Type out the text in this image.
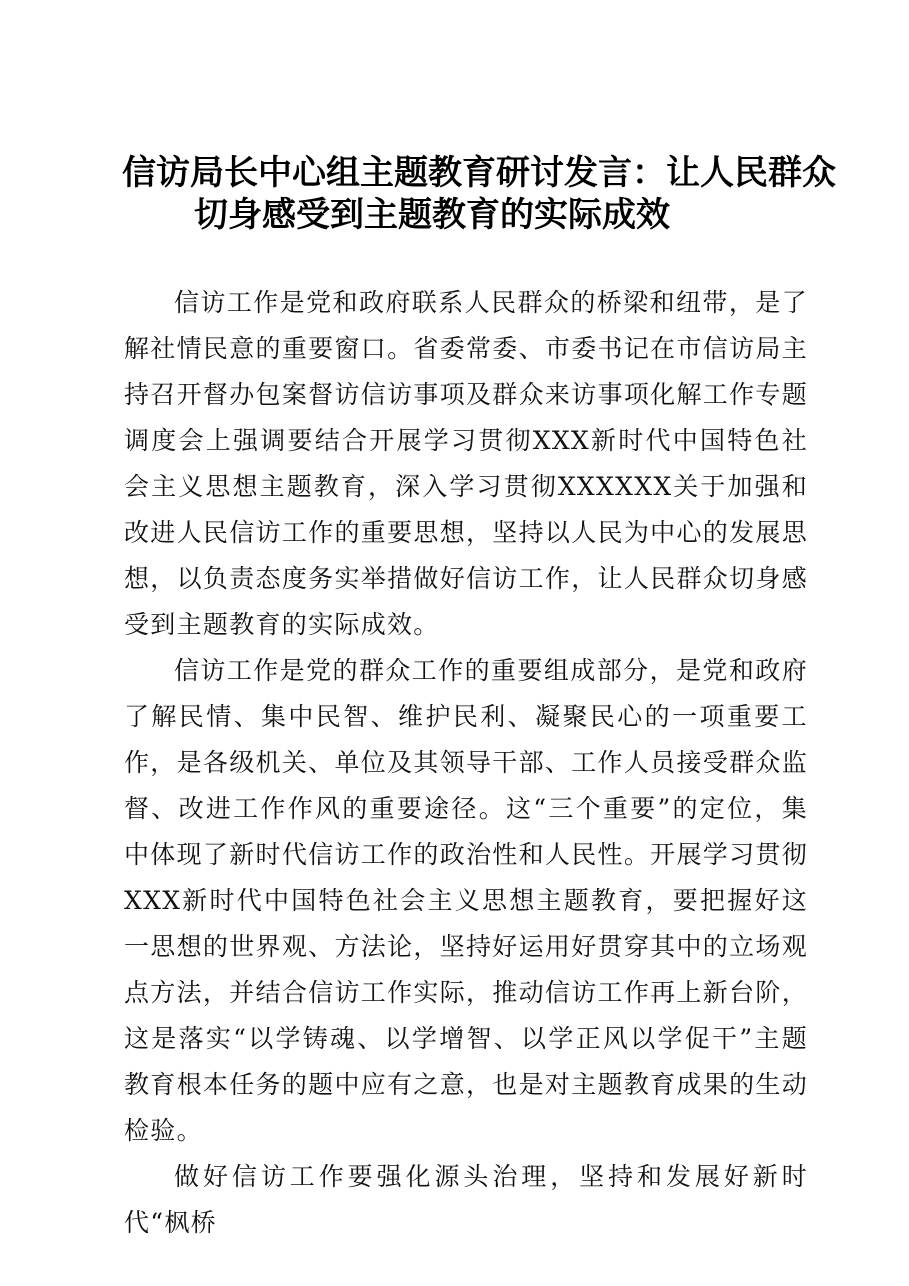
信访局长中心组主题教育研讨发言：让人民群众
切身感受到主题教育的实际成效

信访工作是党和政府联系人民群众的桥梁和纽带，是了解社情民意的重要窗口。省委常委、市委书记在市信访局主持召开督办包案督访信访事项及群众来访事项化解工作专题调度会上强调要结合开展学习贯彻XXX新时代中国特色社会主义思想主题教育，深入学习贯彻XXXXXX关于加强和改进人民信访工作的重要思想，坚持以人民为中心的发展思想，以负责态度务实举措做好信访工作，让人民群众切身感受到主题教育的实际成效。

信访工作是党的群众工作的重要组成部分，是党和政府了解民情、集中民智、维护民利、凝聚民心的一项重要工作，是各级机关、单位及其领导干部、工作人员接受群众监督、改进工作作风的重要途径。这“三个重要”的定位，集中体现了新时代信访工作的政治性和人民性。开展学习贯彻XXX新时代中国特色社会主义思想主题教育，要把握好这一思想的世界观、方法论，坚持好运用好贯穿其中的立场观点方法，并结合信访工作实际，推动信访工作再上新台阶，这是落实“以学铸魂、以学增智、以学正风以学促干”主题教育根本任务的题中应有之意，也是对主题教育成果的生动检验。

做好信访工作要强化源头治理，坚持和发展好新时代“枫桥
